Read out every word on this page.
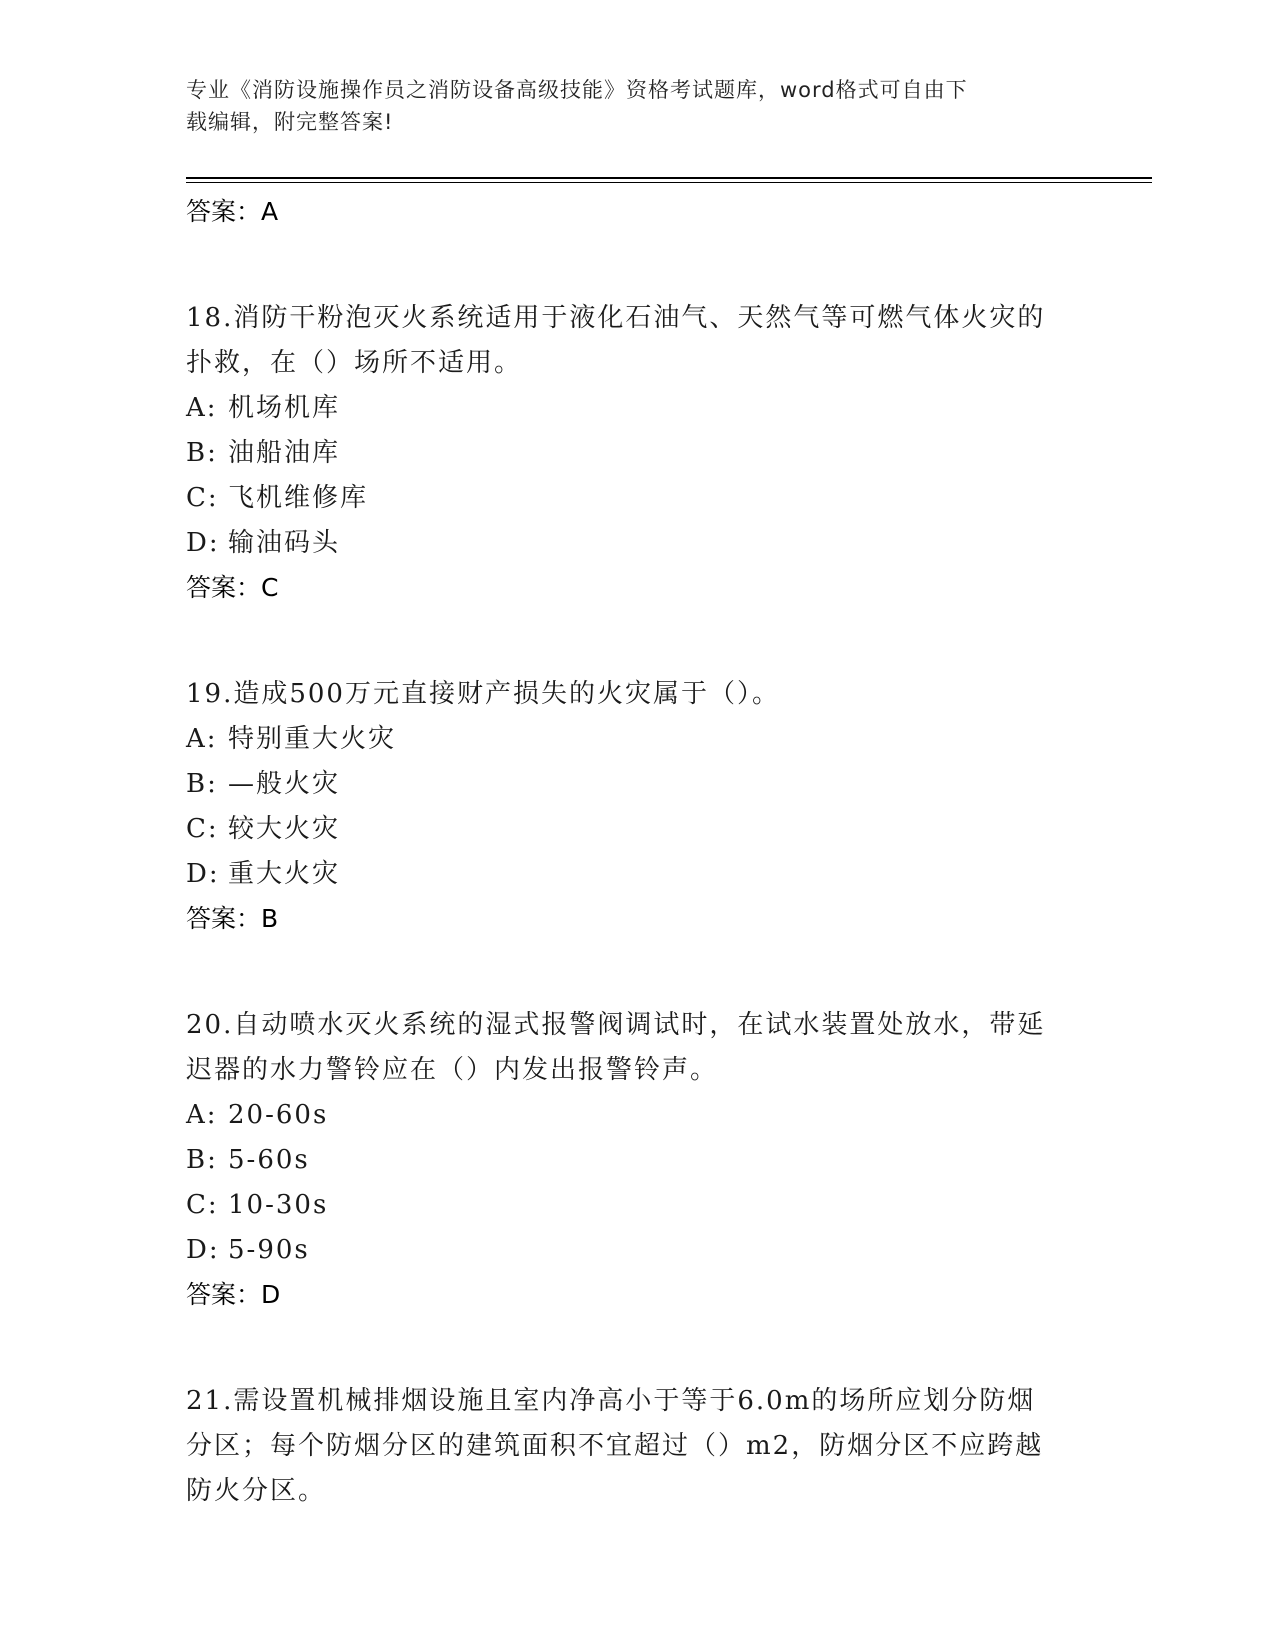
专业《消防设施操作员之消防设备高级技能》资格考试题库，word格式可自由下
载编辑，附完整答案!
答案：A
18.消防干粉泡灭火系统适用于液化石油气、天然气等可燃气体火灾的
扑救，在（）场所不适用。
A: 机场机库
B: 油船油库
C: 飞机维修库
D: 输油码头
答案：C
19.造成500万元直接财产损失的火灾属于（）。
A: 特别重大火灾
B: —般火灾
C: 较大火灾
D: 重大火灾
答案：B
20.自动喷水灭火系统的湿式报警阀调试时，在试水装置处放水，带延
迟器的水力警铃应在（）内发出报警铃声。
A: 20-60s
B: 5-60s
C: 10-30s
D: 5-90s
答案：D
21.需设置机械排烟设施且室内净高小于等于6.0m的场所应划分防烟
分区；每个防烟分区的建筑面积不宜超过（）m2，防烟分区不应跨越
防火分区。
